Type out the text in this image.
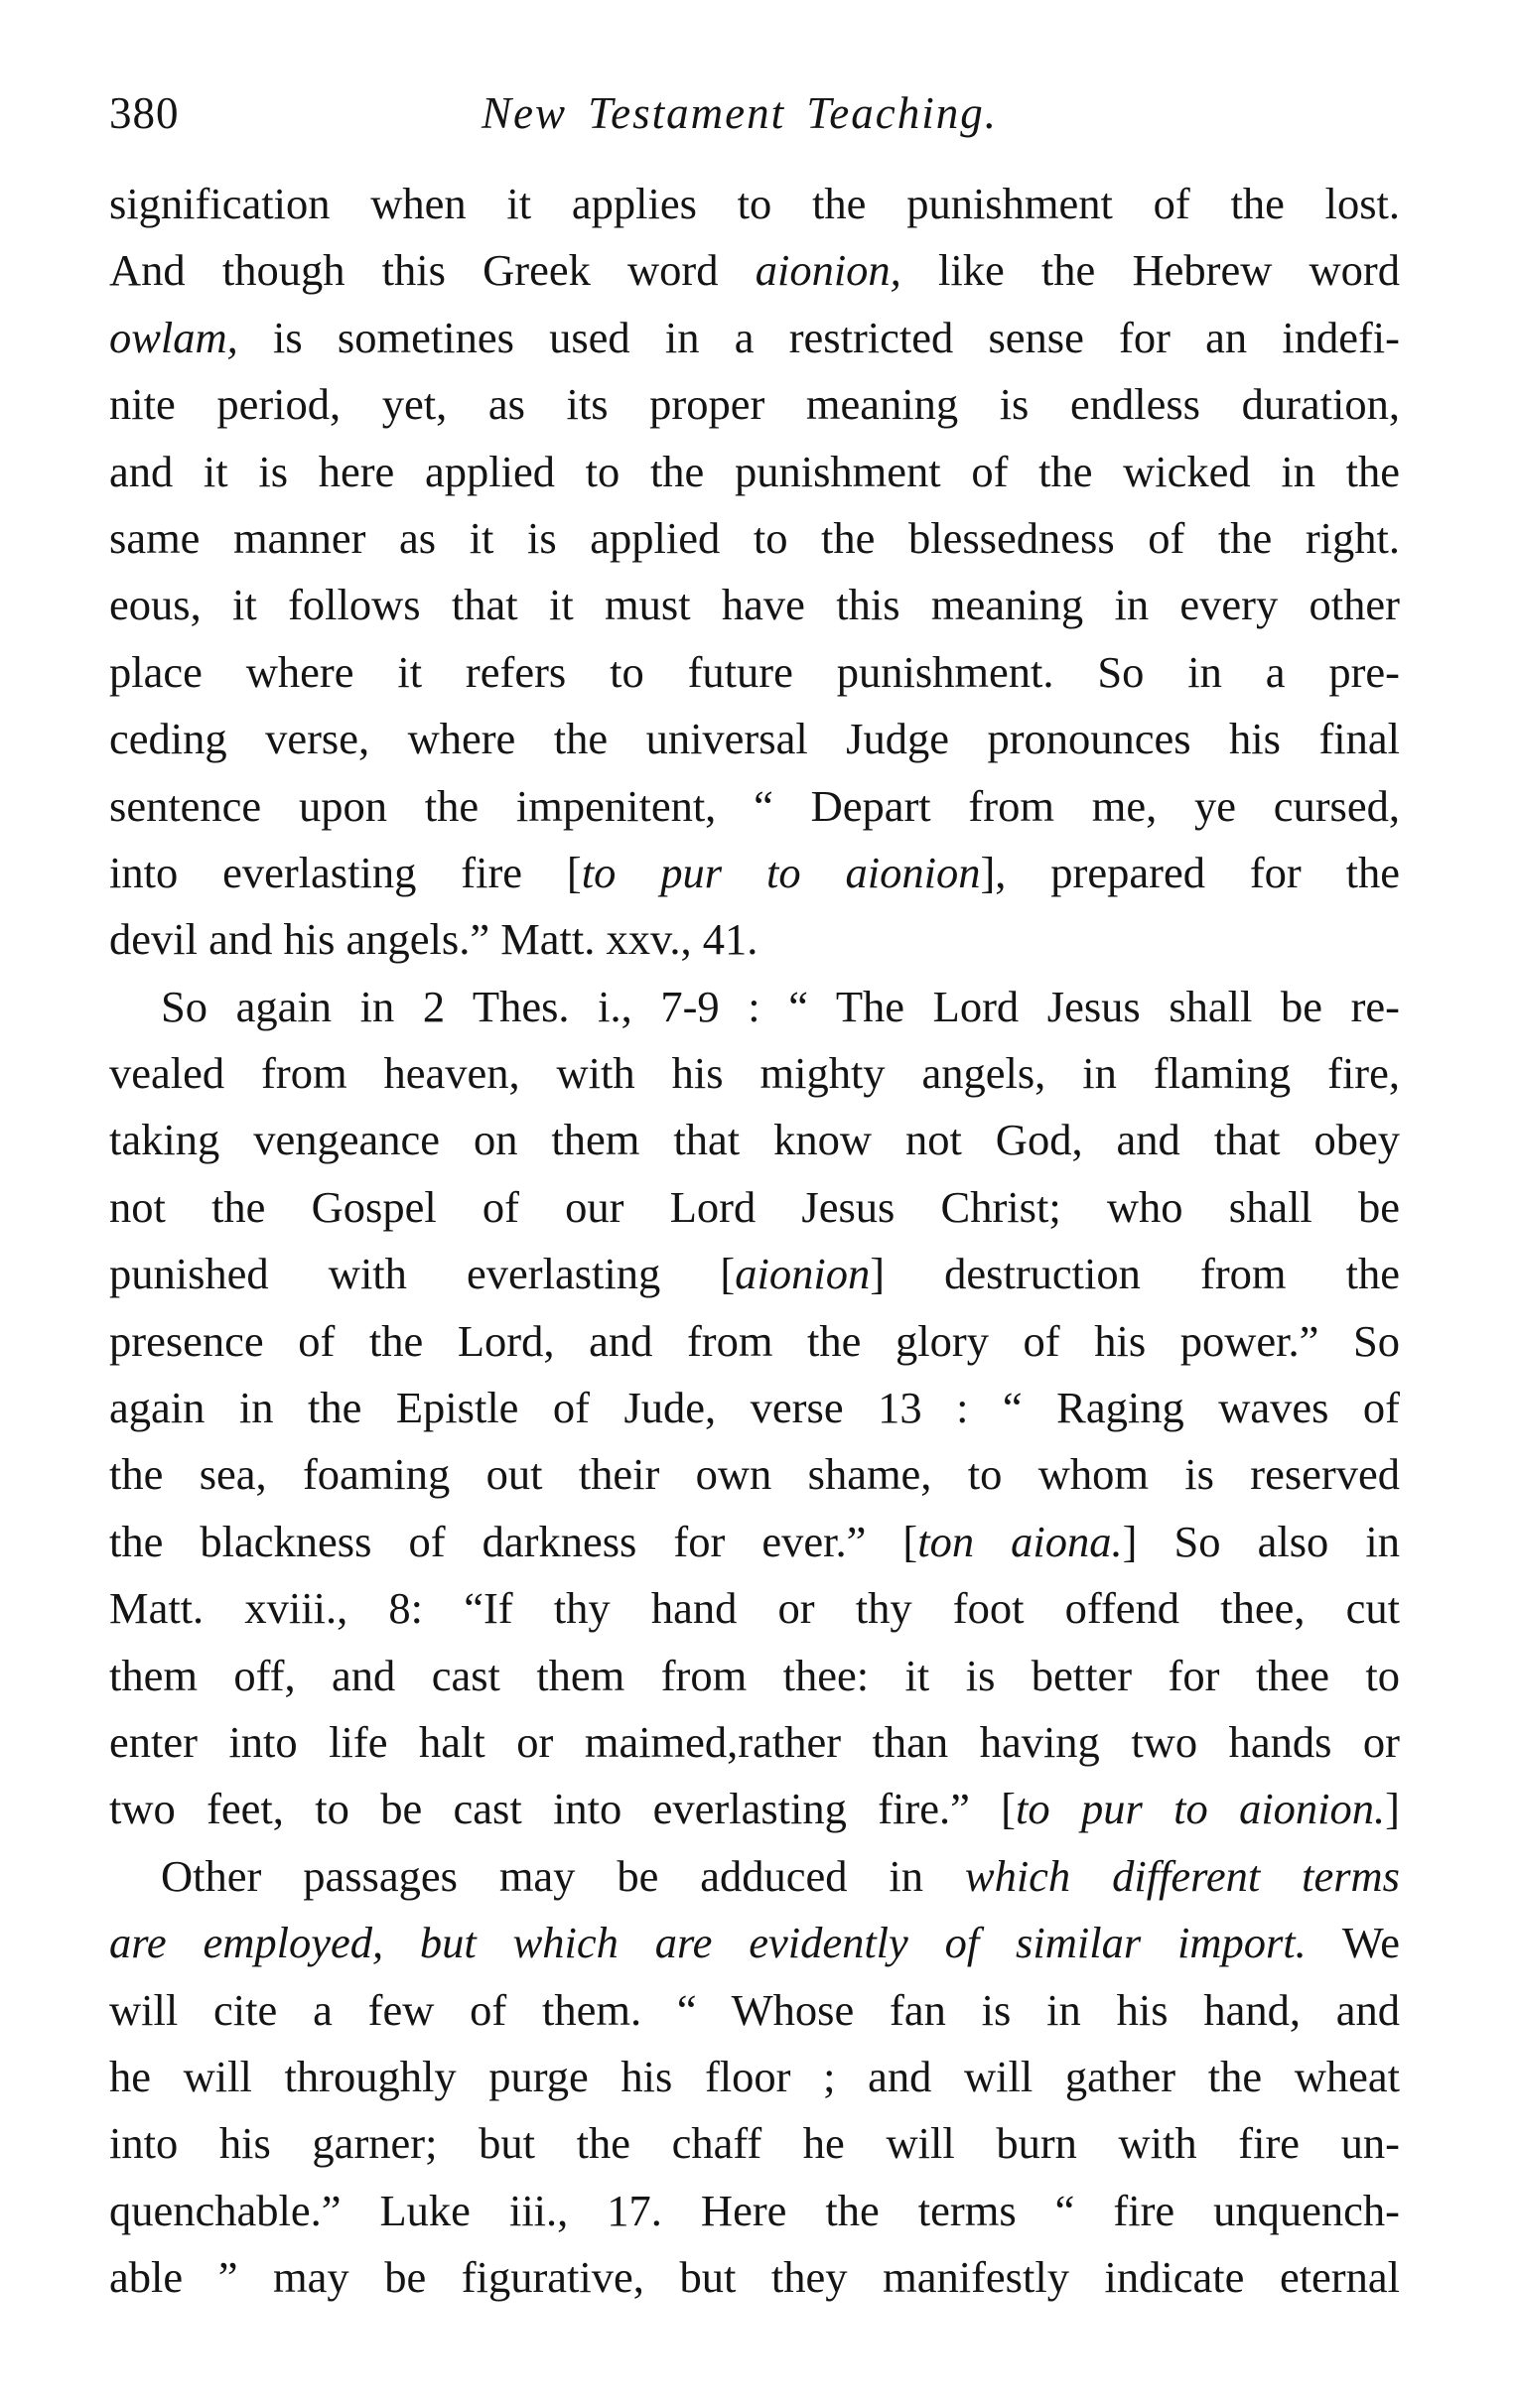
380	New Testament Teaching.
signification when it applies to the punishment of the lost.
And though this Greek word aionion, like the Hebrew word
owlam, is sometines used in a restricted sense for an indefi-
nite period, yet, as its proper meaning is endless duration,
and it is here applied to the punishment of the wicked in the
same manner as it is applied to the blessedness of the right.
eous, it follows that it must have this meaning in every other
place where it refers to future punishment. So in a pre-
ceding verse, where the universal Judge pronounces his final
sentence upon the impenitent, “ Depart from me, ye cursed,
into everlasting fire [to pur to aionion], prepared for the
devil and his angels.” Matt. xxv., 41.
So again in 2 Thes. i., 7-9 : “ The Lord Jesus shall be re-
vealed from heaven, with his mighty angels, in flaming fire,
taking vengeance on them that know not God, and that obey
not the Gospel of our Lord Jesus Christ; who shall be
punished with everlasting [aionion] destruction from the
presence of the Lord, and from the glory of his power.” So
again in the Epistle of Jude, verse 13 : “ Raging waves of
the sea, foaming out their own shame, to whom is reserved
the blackness of darkness for ever.” [ton aiona.] So also in
Matt. xviii., 8: “If thy hand or thy foot offend thee, cut
them off, and cast them from thee: it is better for thee to
enter into life halt or maimed,rather than having two hands or
two feet, to be cast into everlasting fire.” [to pur to aionion.]
Other passages may be adduced in which different terms
are employed, but which are evidently of similar import. We
will cite a few of them. “ Whose fan is in his hand, and
he will throughly purge his floor ; and will gather the wheat
into his garner; but the chaff he will burn with fire un-
quenchable.” Luke iii., 17. Here the terms “ fire unquench-
able ” may be figurative, but they manifestly indicate eternal
